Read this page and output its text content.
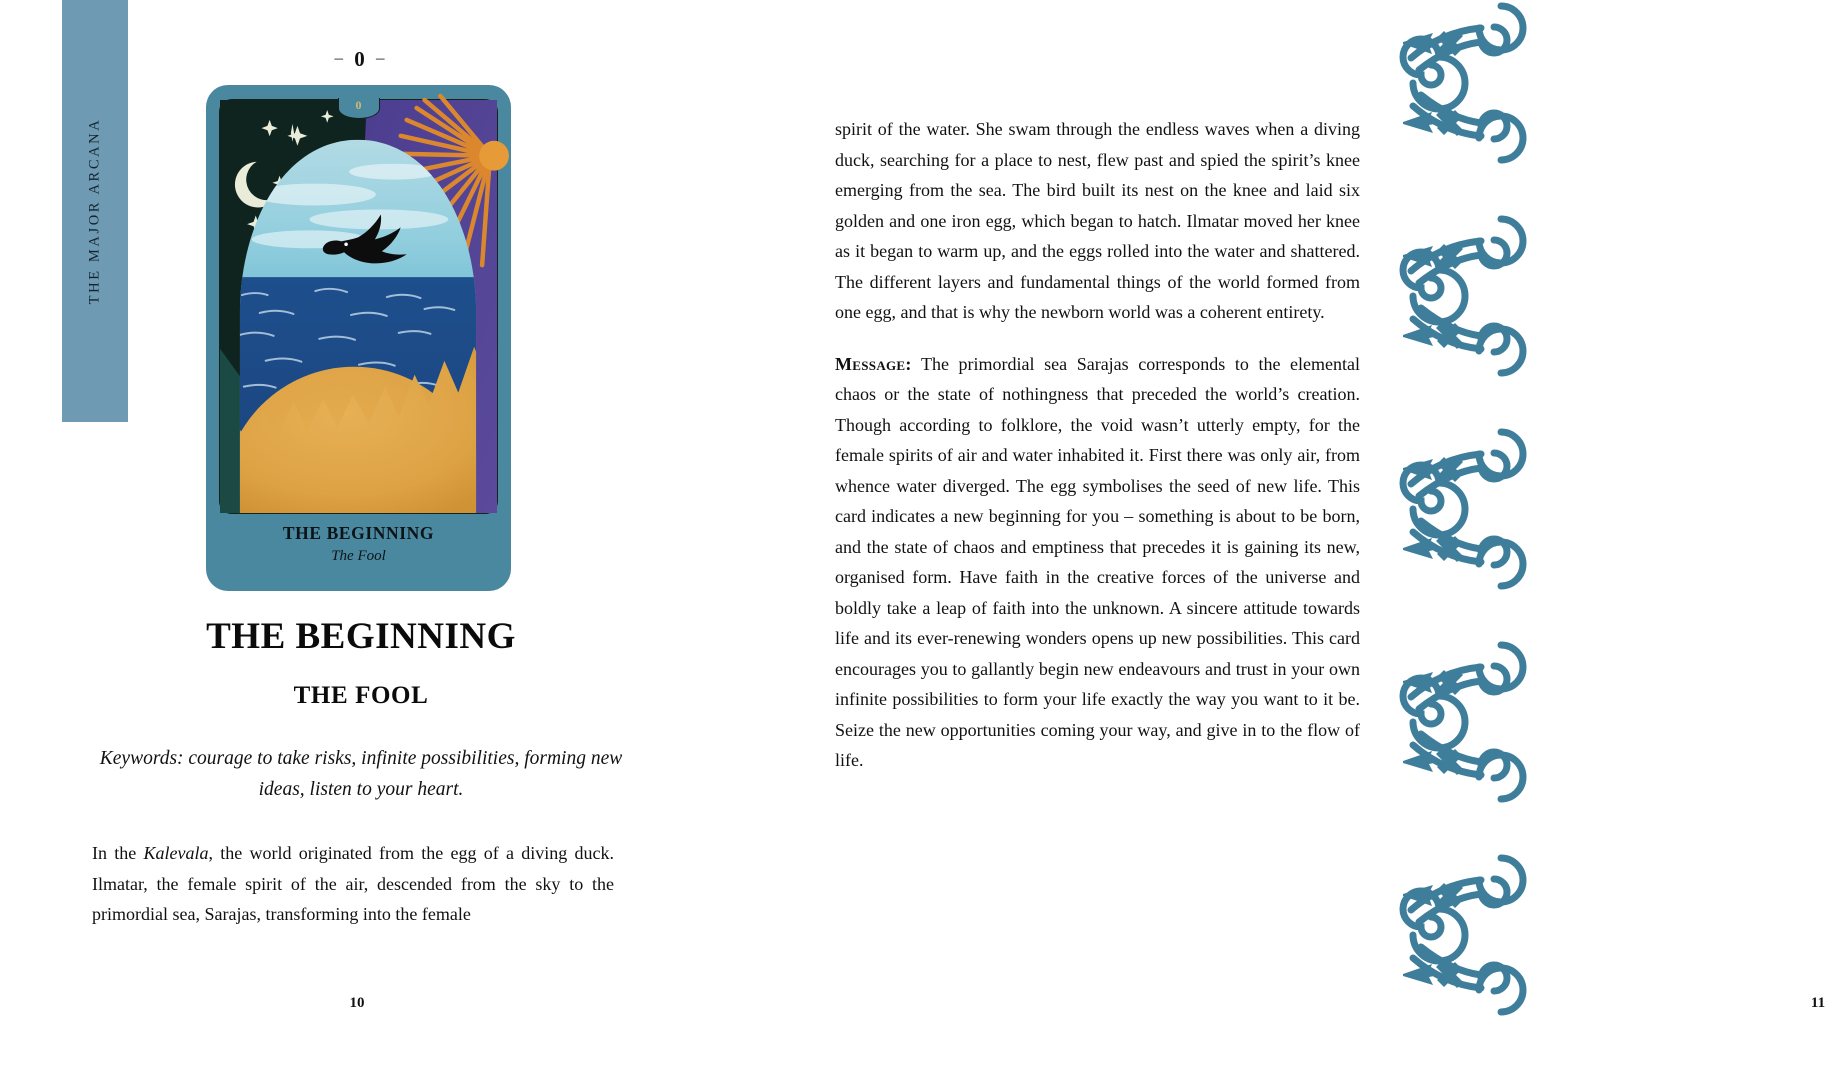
THE MAJOR ARCANA
– 0 –
0
THE BEGINNING
The Fool
THE BEGINNING
THE FOOL
Keywords: courage to take risks, infinite possibilities, forming new ideas, listen to your heart.
In the Kalevala, the world originated from the egg of a diving duck. Ilmatar, the female spirit of the air, descended from the sky to the primordial sea, Sarajas, transforming into the female
10

spirit of the water. She swam through the endless waves when a diving duck, searching for a place to nest, flew past and spied the spirit’s knee emerging from the sea. The bird built its nest on the knee and laid six golden and one iron egg, which began to hatch. Ilmatar moved her knee as it began to warm up, and the eggs rolled into the water and shattered. The different layers and fundamental things of the world formed from one egg, and that is why the newborn world was a coherent entirety.

Message: The primordial sea Sarajas corresponds to the elemental chaos or the state of nothingness that preceded the world’s creation. Though according to folklore, the void wasn’t utterly empty, for the female spirits of air and water inhabited it. First there was only air, from whence water diverged. The egg symbolises the seed of new life. This card indicates a new beginning for you – something is about to be born, and the state of chaos and emptiness that precedes it is gaining its new, organised form. Have faith in the creative forces of the universe and boldly take a leap of faith into the unknown. A sincere attitude towards life and its ever-renewing wonders opens up new possibilities. This card encourages you to gallantly begin new endeavours and trust in your own infinite possibilities to form your life exactly the way you want to it be. Seize the new opportunities coming your way, and give in to the flow of life.

11
